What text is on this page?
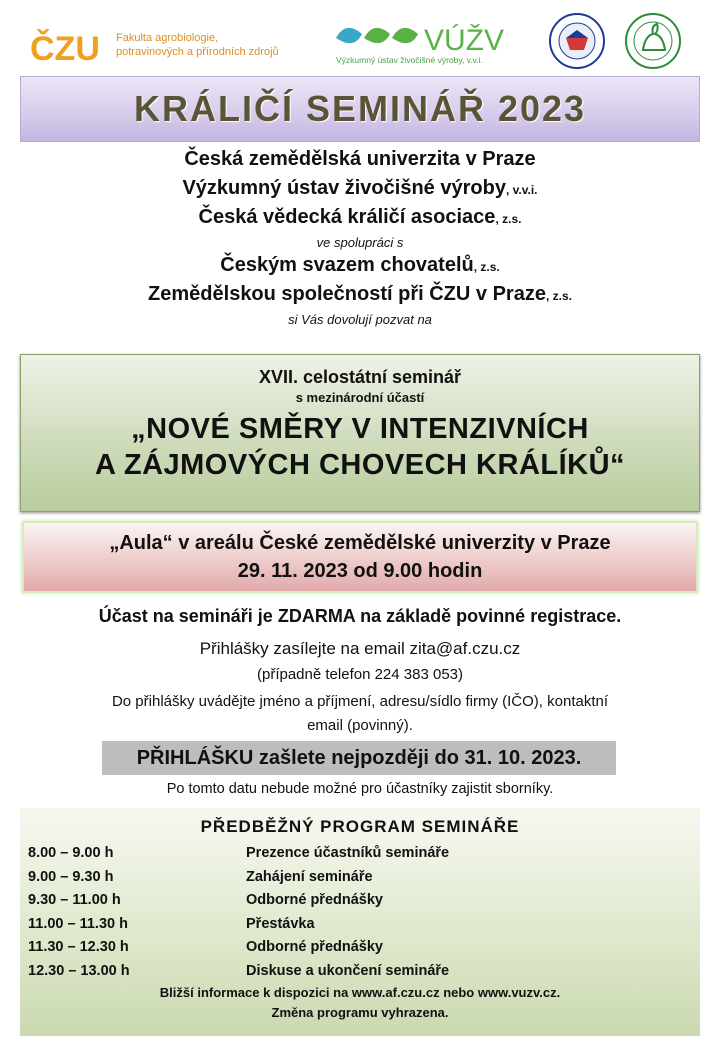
ČZU Fakulta agrobiologie,
potravinových a přírodních zdrojů	VÚŽV
Výzkumný ústav živočišné výroby, v.v.i.
KRÁLIČÍ SEMINÁŘ 2023
Česká zemědělská univerzita v Praze
Výzkumný ústav živočišné výroby, v.v.i.
Česká vědecká králičí asociace, z.s.
ve spolupráci s
Českým svazem chovatelů, z.s.
Zemědělskou společností při ČZU v Praze, z.s.
si Vás dovolují pozvat na
XVII. celostátní seminář
s mezinárodní účastí
„NOVÉ SMĚRY V INTENZIVNÍCH
A ZÁJMOVÝCH CHOVECH KRÁLÍKŮ“
„Aula“ v areálu České zemědělské univerzity v Praze
29. 11. 2023 od 9.00 hodin
Účast na semináři je ZDARMA na základě povinné registrace.
Přihlášky zasílejte na email zita@af.czu.cz
(případně telefon 224 383 053)
Do přihlášky uvádějte jméno a příjmení, adresu/sídlo firmy (IČO), kontaktní
email (povinný).
PŘIHLÁŠKU zašlete nejpozději do 31. 10. 2023.
Po tomto datu nebude možné pro účastníky zajistit sborníky.
PŘEDBĚŽNÝ PROGRAM SEMINÁŘE
8.00 – 9.00 h	Prezence účastníků semináře
9.00 – 9.30 h	Zahájení semináře
9.30 – 11.00 h	Odborné přednášky
11.00 – 11.30 h	Přestávka
11.30 – 12.30 h	Odborné přednášky
12.30 – 13.00 h	Diskuse a ukončení semináře
Bližší informace k dispozici na www.af.czu.cz nebo www.vuzv.cz.
Změna programu vyhrazena.
